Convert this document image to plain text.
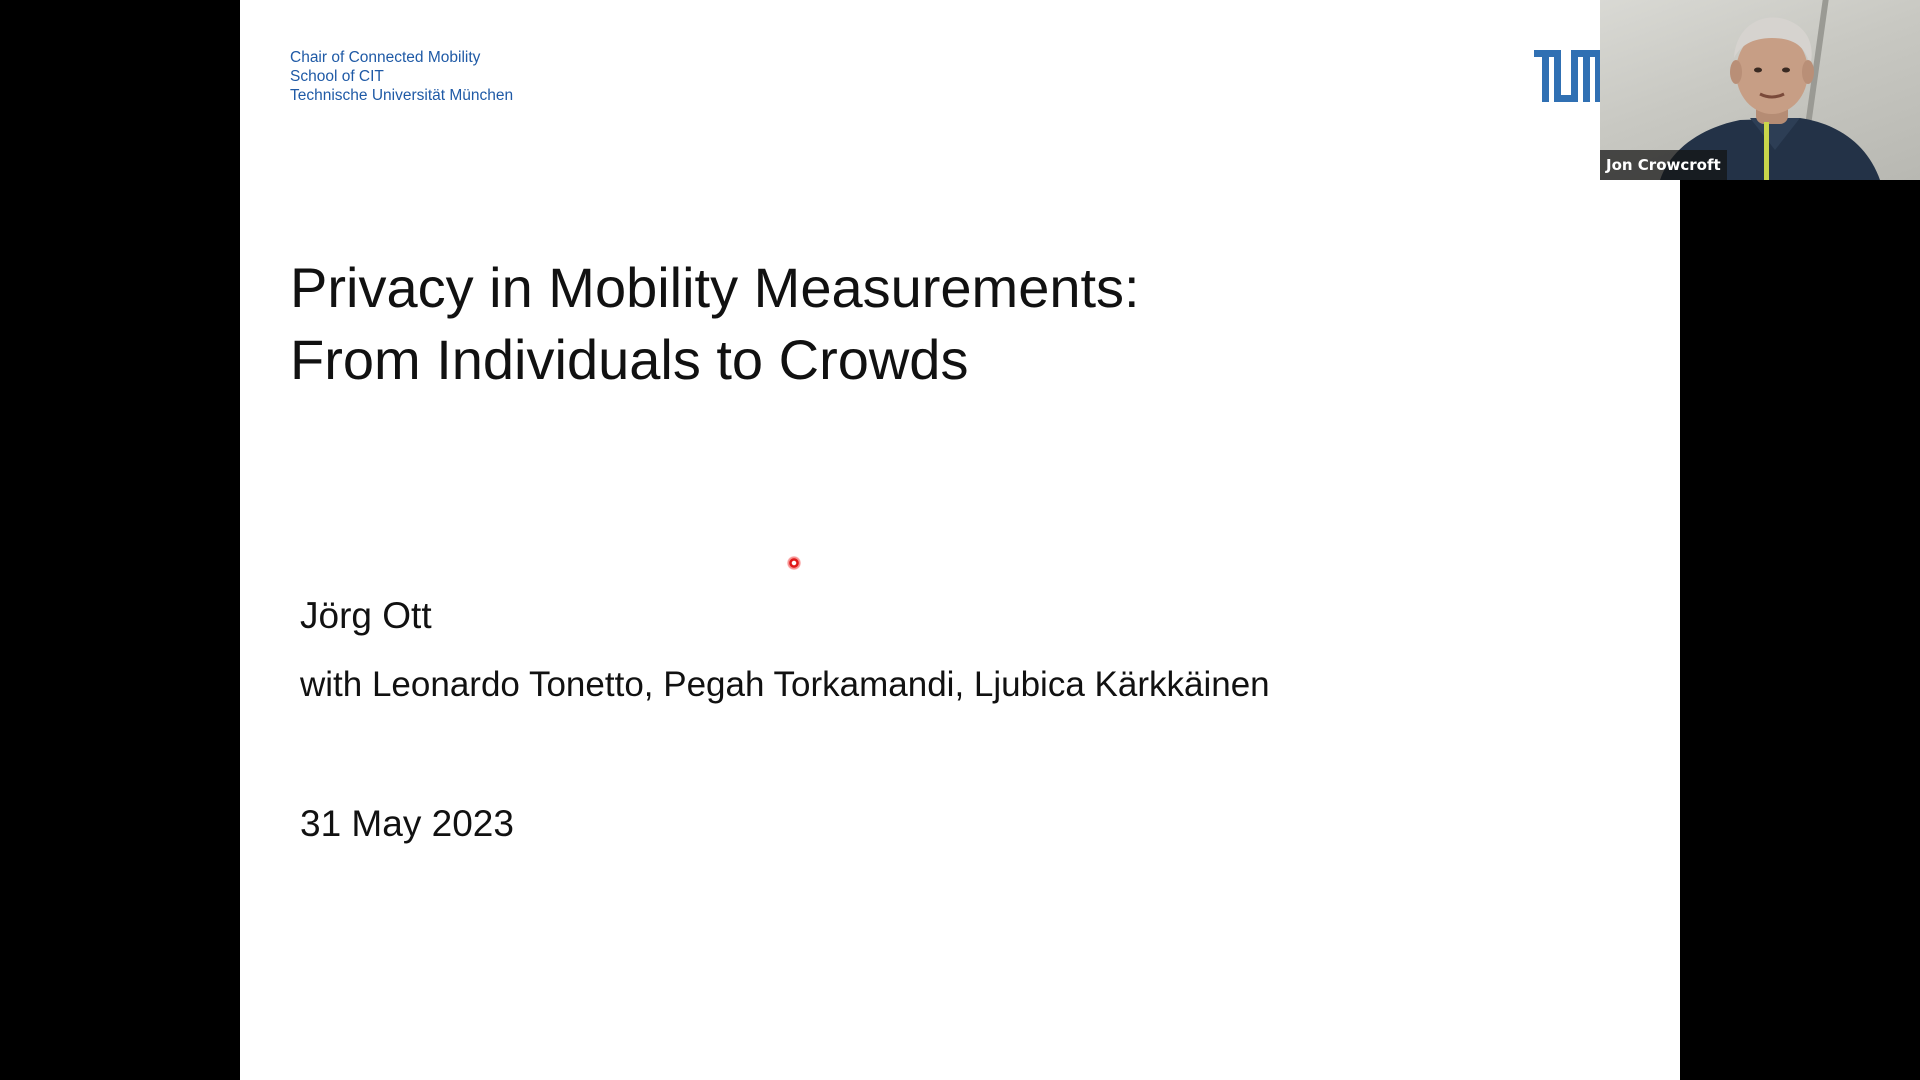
Chair of Connected Mobility
School of CIT
Technische Universität München
Privacy in Mobility Measurements:
From Individuals to Crowds
Jörg Ott
with Leonardo Tonetto, Pegah Torkamandi, Ljubica Kärkkäinen
31 May 2023
Jon Crowcroft
